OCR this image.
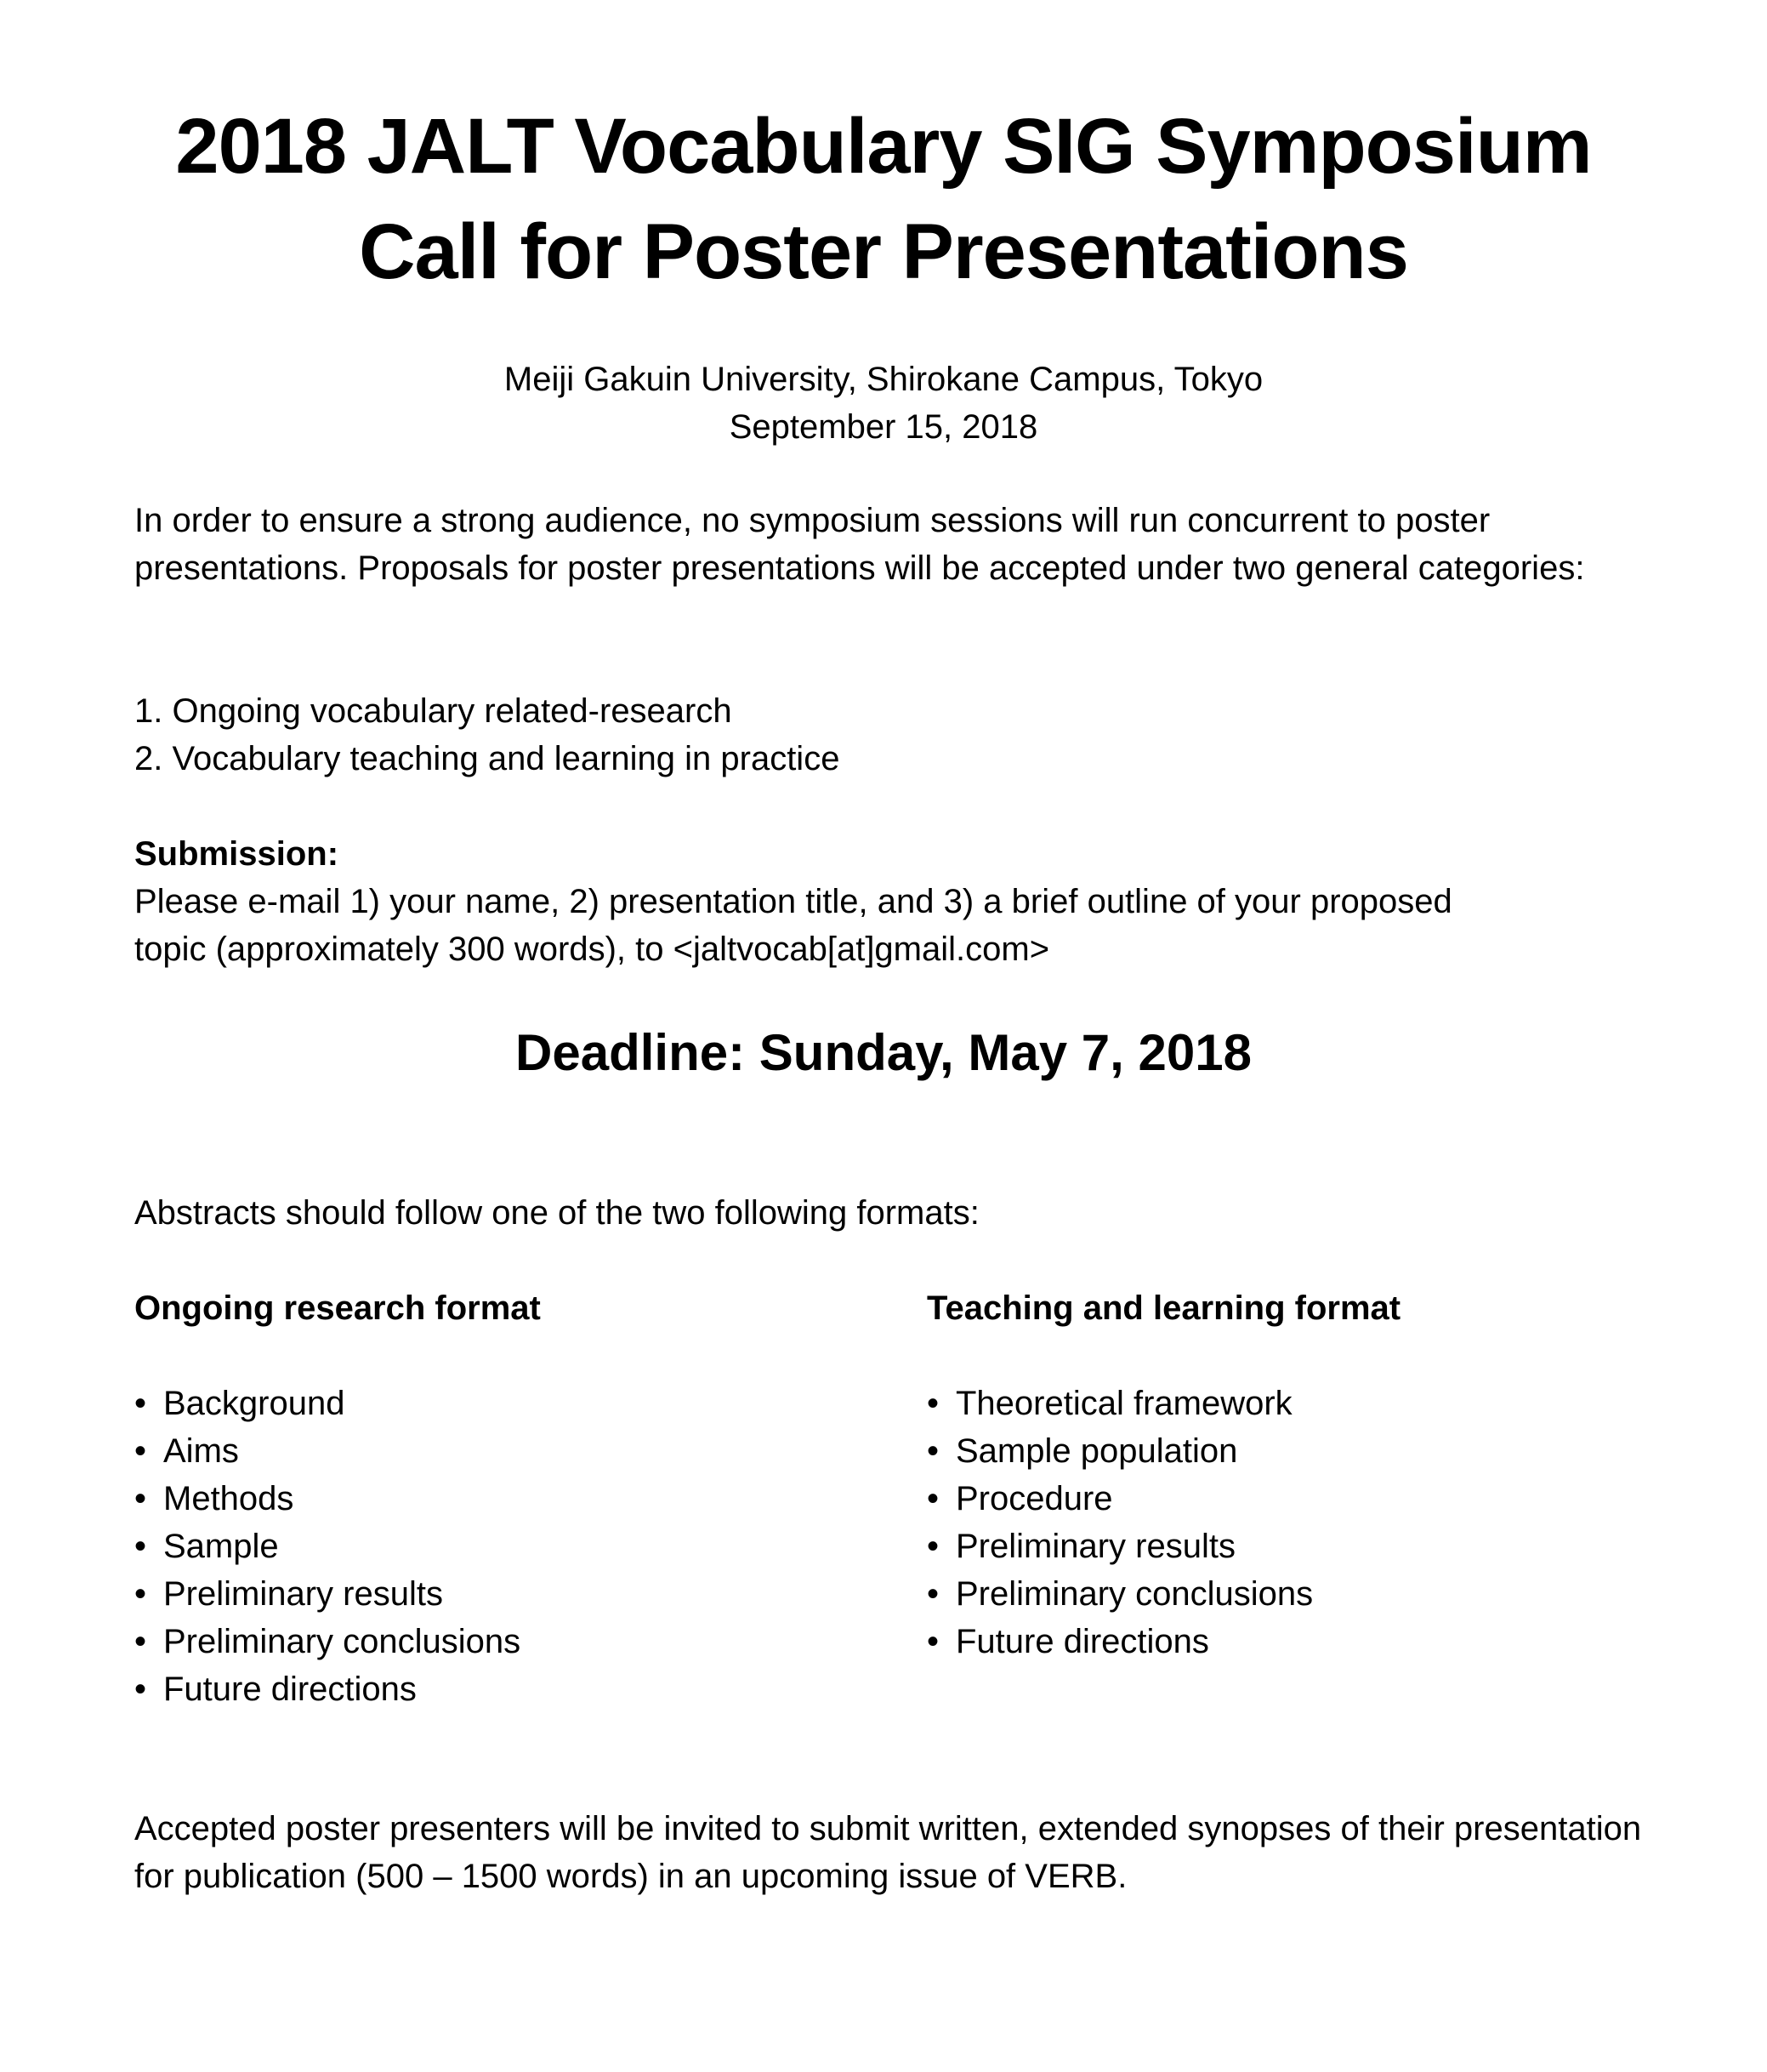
2018 JALT Vocabulary SIG Symposium
Call for Poster Presentations
Meiji Gakuin University, Shirokane Campus, Tokyo
September 15, 2018
In order to ensure a strong audience, no symposium sessions will run concurrent to poster presentations. Proposals for poster presentations will be accepted under two general categories:
1. Ongoing vocabulary related-research
2. Vocabulary teaching and learning in practice
Submission:
Please e-mail 1) your name, 2) presentation title, and 3) a brief outline of your proposed topic (approximately 300 words), to <jaltvocab[at]gmail.com>
Deadline: Sunday, May 7, 2018
Abstracts should follow one of the two following formats:
Ongoing research format
• Background
• Aims
• Methods
• Sample
• Preliminary results
• Preliminary conclusions
• Future directions
Teaching and learning format
• Theoretical framework
• Sample population
• Procedure
• Preliminary results
• Preliminary conclusions
• Future directions
Accepted poster presenters will be invited to submit written, extended synopses of their presentation for publication (500 – 1500 words) in an upcoming issue of VERB.
